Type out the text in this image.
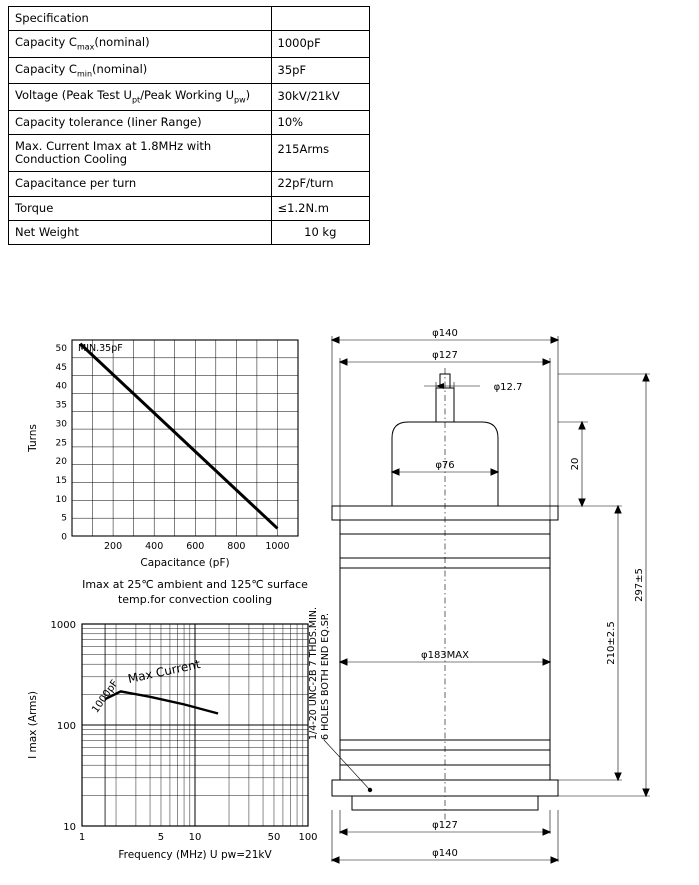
Specification	
Capacity $C_{max}(nominal)$	1000pF
Capacity $C_{min}(nominal)$	35pF
Voltage (Peak Test $U_{pt}$/Peak Working $U_{pw}$)	30kV/21kV
Capacity tolerance (Iiner Range)	10%
Max. Current Imax at 1.8MHz with
Conduction Cooling	215Arms
Capacitance per turn	22pF/turn
Torque	≤1.2N.m
Net Weight	10 kg
0
5
10
15
20
25
30
35
40
45
50
200 400 600 800 1000
MIN.35pF
Capacitance (pF)
Turns
Imax at 25℃ ambient and 125℃ surface
temp.for convection cooling
Max Current
1000pF
1	5 10	50 100
10
100
1000
Frequency (MHz) U pw=21kV
I max (Arms)
φ140
φ127
φ12.7
φ76
φ183MAX
φ127
φ140
20
210±2.5
297±5
1/4-20 UNC-2B 7 THDS.MIN. 6 HOLES BOTH END EQ.SP.
